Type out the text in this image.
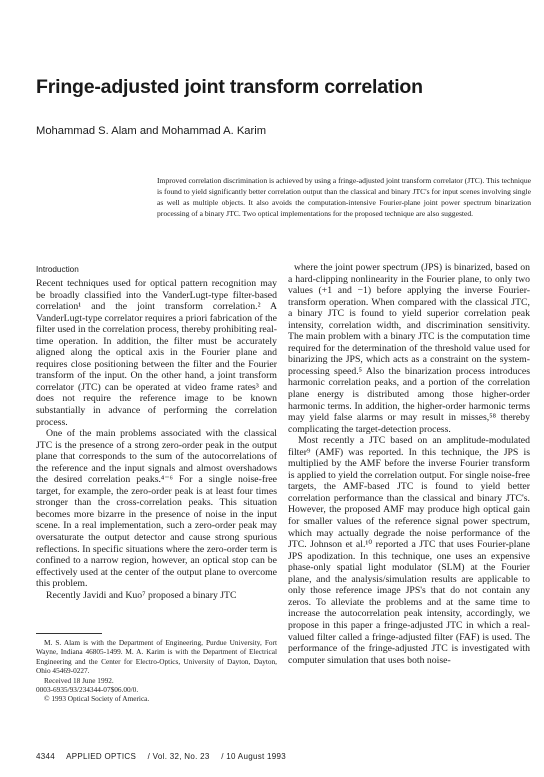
Fringe-adjusted joint transform correlation

Mohammad S. Alam and Mohammad A. Karim

Improved correlation discrimination is achieved by using a fringe-adjusted joint transform correlator (JTC). This technique is found to yield significantly better correlation output than the classical and binary JTC's for input scenes involving single as well as multiple objects. It also avoids the computation-intensive Fourier-plane joint power spectrum binarization processing of a binary JTC. Two optical implementations for the proposed technique are also suggested.

Introduction

Recent techniques used for optical pattern recognition may be broadly classified into the VanderLugt-type filter-based correlation¹ and the joint transform correlation.² A VanderLugt-type correlator requires a priori fabrication of the filter used in the correlation process, thereby prohibiting real-time operation. In addition, the filter must be accurately aligned along the optical axis in the Fourier plane and requires close positioning between the filter and the Fourier transform of the input. On the other hand, a joint transform correlator (JTC) can be operated at video frame rates³ and does not require the reference image to be known substantially in advance of performing the correlation process.

One of the main problems associated with the classical JTC is the presence of a strong zero-order peak in the output plane that corresponds to the sum of the autocorrelations of the reference and the input signals and almost overshadows the desired correlation peaks.⁴⁻⁶ For a single noise-free target, for example, the zero-order peak is at least four times stronger than the cross-correlation peaks. This situation becomes more bizarre in the presence of noise in the input scene. In a real implementation, such a zero-order peak may oversaturate the output detector and cause strong spurious reflections. In specific situations where the zero-order term is confined to a narrow region, however, an optical stop can be effectively used at the center of the output plane to overcome this problem.

Recently Javidi and Kuo⁷ proposed a binary JTC

where the joint power spectrum (JPS) is binarized, based on a hard-clipping nonlinearity in the Fourier plane, to only two values (+1 and −1) before applying the inverse Fourier-transform operation. When compared with the classical JTC, a binary JTC is found to yield superior correlation peak intensity, correlation width, and discrimination sensitivity. The main problem with a binary JTC is the computation time required for the determination of the threshold value used for binarizing the JPS, which acts as a constraint on the system-processing speed.⁵ Also the binarization process introduces harmonic correlation peaks, and a portion of the correlation plane energy is distributed among those higher-order harmonic terms. In addition, the higher-order harmonic terms may yield false alarms or may result in misses,⁵⁸ thereby complicating the target-detection process.

Most recently a JTC based on an amplitude-modulated filter⁹ (AMF) was reported. In this technique, the JPS is multiplied by the AMF before the inverse Fourier transform is applied to yield the correlation output. For single noise-free targets, the AMF-based JTC is found to yield better correlation performance than the classical and binary JTC's. However, the proposed AMF may produce high optical gain for smaller values of the reference signal power spectrum, which may actually degrade the noise performance of the JTC. Johnson et al.¹⁰ reported a JTC that uses Fourier-plane JPS apodization. In this technique, one uses an expensive phase-only spatial light modulator (SLM) at the Fourier plane, and the analysis/simulation results are applicable to only those reference image JPS's that do not contain any zeros. To alleviate the problems and at the same time to increase the autocorrelation peak intensity, accordingly, we propose in this paper a fringe-adjusted JTC in which a real-valued filter called a fringe-adjusted filter (FAF) is used. The performance of the fringe-adjusted JTC is investigated with computer simulation that uses both noise-

M. S. Alam is with the Department of Engineering, Purdue University, Fort Wayne, Indiana 46805-1499. M. A. Karim is with the Department of Electrical Engineering and the Center for Electro-Optics, University of Dayton, Dayton, Ohio 45469-0227.

Received 18 June 1992.

0003-6935/93/234344-07$06.00/0.

© 1993 Optical Society of America.

4344 APPLIED OPTICS / Vol. 32, No. 23 / 10 August 1993
